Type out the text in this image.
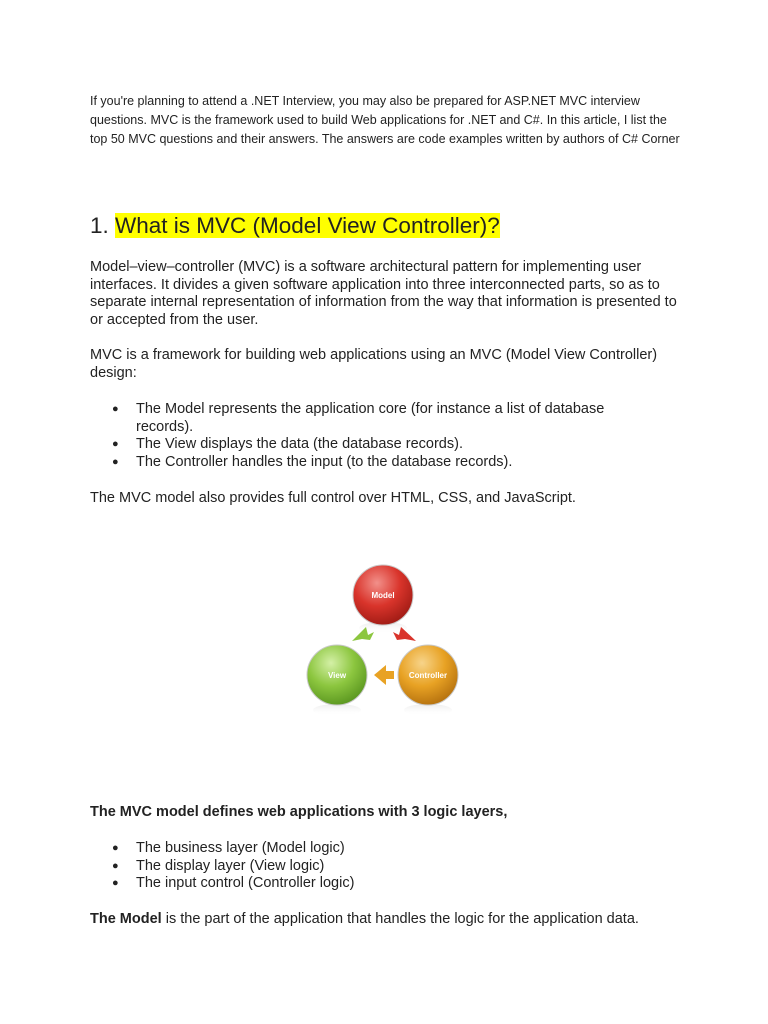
If you're planning to attend a .NET Interview, you may also be prepared for ASP.NET MVC interview questions. MVC is the framework used to build Web applications for .NET and C#. In this article, I list the top 50 MVC questions and their answers. The answers are code examples written by authors of C# Corner

1. What is MVC (Model View Controller)?

Model–view–controller (MVC) is a software architectural pattern for implementing user interfaces. It divides a given software application into three interconnected parts, so as to separate internal representation of information from the way that information is presented to or accepted from the user.

MVC is a framework for building web applications using an MVC (Model View Controller) design:

● The Model represents the application core (for instance a list of database records).
● The View displays the data (the database records).
● The Controller handles the input (to the database records).

The MVC model also provides full control over HTML, CSS, and JavaScript.

The MVC model defines web applications with 3 logic layers,

● The business layer (Model logic)
● The display layer (View logic)
● The input control (Controller logic)

The Model is the part of the application that handles the logic for the application data.

Model
View	Controller
